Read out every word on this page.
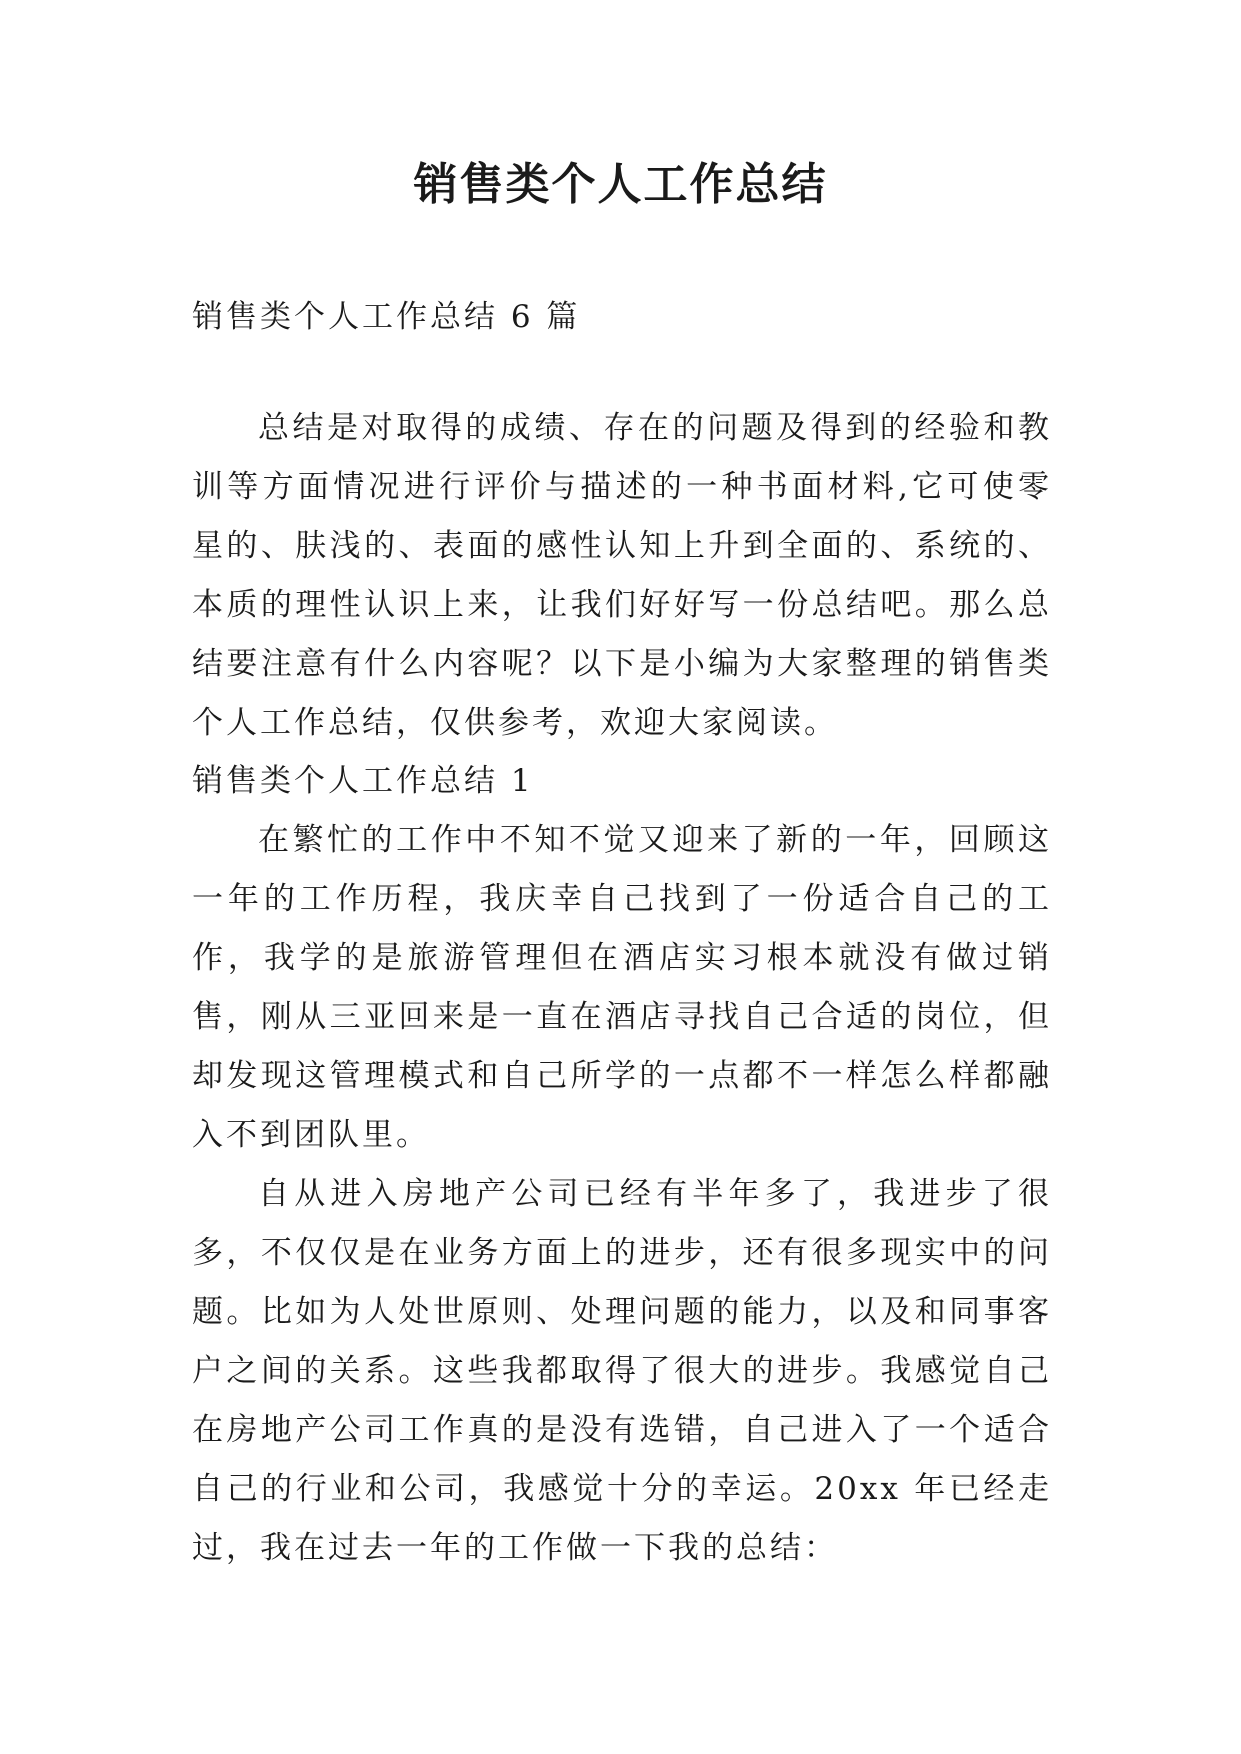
销售类个人工作总结

销售类个人工作总结 6 篇

总结是对取得的成绩、存在的问题及得到的经验和教训等方面情况进行评价与描述的一种书面材料,它可使零星的、肤浅的、表面的感性认知上升到全面的、系统的、本质的理性认识上来，让我们好好写一份总结吧。那么总结要注意有什么内容呢？以下是小编为大家整理的销售类个人工作总结，仅供参考，欢迎大家阅读。

销售类个人工作总结 1

在繁忙的工作中不知不觉又迎来了新的一年，回顾这一年的工作历程，我庆幸自己找到了一份适合自己的工作，我学的是旅游管理但在酒店实习根本就没有做过销售，刚从三亚回来是一直在酒店寻找自己合适的岗位，但却发现这管理模式和自己所学的一点都不一样怎么样都融入不到团队里。

自从进入房地产公司已经有半年多了，我进步了很多，不仅仅是在业务方面上的进步，还有很多现实中的问题。比如为人处世原则、处理问题的能力，以及和同事客户之间的关系。这些我都取得了很大的进步。我感觉自己在房地产公司工作真的是没有选错，自己进入了一个适合自己的行业和公司，我感觉十分的幸运。20xx 年已经走过，我在过去一年的工作做一下我的总结：
